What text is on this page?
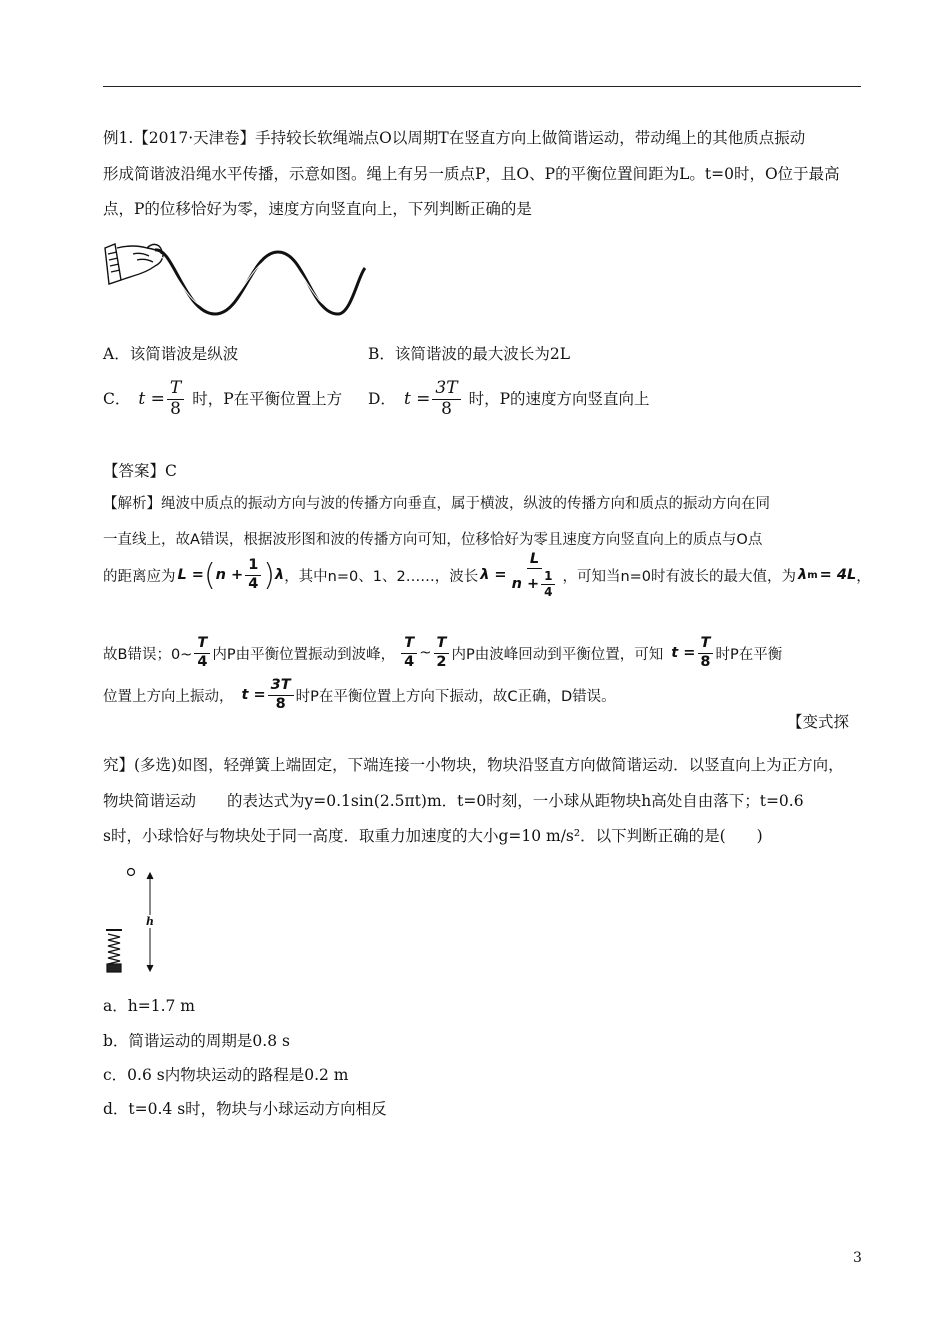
例1.【2017·天津卷】手持较长软绳端点O以周期T在竖直方向上做简谐运动，带动绳上的其他质点振动
形成简谐波沿绳水平传播，示意如图。绳上有另一质点P，且O、P的平衡位置间距为L。t=0时，O位于最高
点，P的位移恰好为零，速度方向竖直向上，下列判断正确的是
A．该简谐波是纵波	B．该简谐波的最大波长为2L
C． $t = \frac{T}{8}$ 时，P在平衡位置上方 D． $t = \frac{3T}{8}$ 时，P的速度方向竖直向上
【答案】C
【解析】绳波中质点的振动方向与波的传播方向垂直，属于横波，纵波的传播方向和质点的振动方向在同
一直线上，故A错误，根据波形图和波的传播方向可知，位移恰好为零且速度方向竖直向上的质点与O点
的距离应为 L = ( $n + \frac{1}{4}$ ) λ ，其中n=0、1、2……，波长 $\lambda = \frac{L}{n + \frac{1}{4}}$ ，可知当n=0时有波长的最大值，为 λ m = 4L ，
故B错误；0~ $\frac{T}{4}$ 内P由平衡位置振动到波峰， $\frac{T}{4}$ ~ $\frac{T}{2}$ 内P由波峰回动到平衡位置，可知 $t = \frac{T}{8}$ 时P在平衡
位置上方向上振动， $t = \frac{3T}{8}$ 时P在平衡位置上方向下振动，故C正确，D错误。
【变式探
究】(多选)如图，轻弹簧上端固定，下端连接一小物块，物块沿竖直方向做简谐运动．以竖直向上为正方向，
物块简谐运动　　的表达式为y=0.1sin(2.5πt)m．t=0时刻，一小球从距物块h高处自由落下；t=0.6
s时，小球恰好与物块处于同一高度．取重力加速度的大小g=10 m/s²．以下判断正确的是(　　)
h
a．h=1.7 m
b．简谐运动的周期是0.8 s
c．0.6 s内物块运动的路程是0.2 m
d．t=0.4 s时，物块与小球运动方向相反
3
